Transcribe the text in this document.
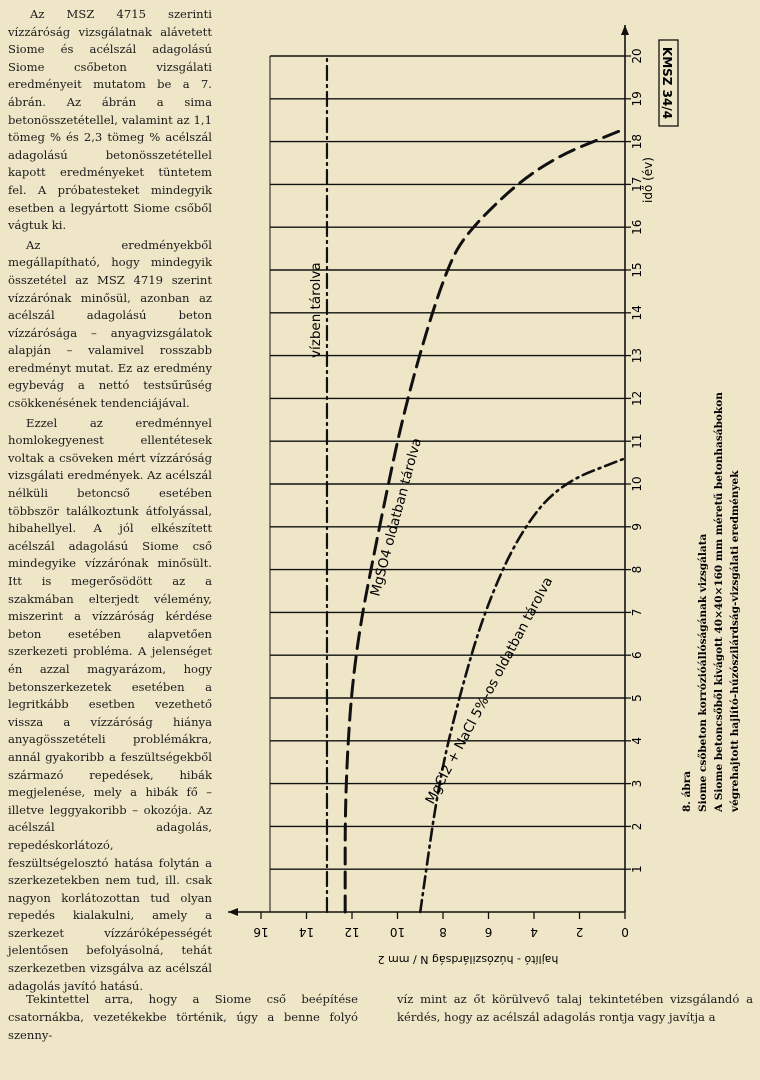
Az MSZ 4715 szerinti vízzáróság vizsgálatnak alávetett Siome és acélszál adagolású Siome csőbeton vizsgálati eredményeit mutatom be a 7. ábrán. Az ábrán a sima betonösszetétellel, valamint az 1,1 tömeg % és 2,3 tömeg % acélszál adagolású betonösszetétellel kapott eredményeket tüntetem fel. A próbatesteket mindegyik esetben a legyártott Siome csőből vágtuk ki.

Az eredményekből megállapítható, hogy mindegyik összetétel az MSZ 4719 szerint vízzárónak minősül, azonban az acélszál adagolású beton vízzárósága – anyagvizsgálatok alapján – valamivel rosszabb eredményt mutat. Ez az eredmény egybevág a nettó testsűrűség csökkenésének tendenciájával.

Ezzel az eredménnyel homlokegyenest ellentétesek voltak a csöveken mért vízzáróság vizsgálati eredmények. Az acélszál nélküli betoncső esetében többször találkoztunk átfolyással, hibahellyel. A jól elkészített acélszál adagolású Siome cső mindegyike vízzárónak minősült. Itt is megerősödött az a szakmában elterjedt vélemény, miszerint a vízzáróság kérdése beton esetében alapvetően szerkezeti probléma. A jelenséget én azzal magyarázom, hogy betonszerkezetek esetében a legritkább esetben vezethető vissza a vízzáróság hiánya anyagösszetételi problémákra, annál gyakoribb a feszültségekből származó repedések, hibák megjelenése, mely a hibák fő – illetve leggyakoribb – okozója. Az acélszál adagolás, repedéskorlátozó, feszültségelosztó hatása folytán a szerkezetekben nem tud, ill. csak nagyon korlátozottan tud olyan repedés kialakulni, amely a szerkezet vízzáróképességét jelentősen befolyásolná, tehát szerkezetben vizsgálva az acélszál adagolás javító hatású.

Tekintettel arra, hogy a Siome cső beépítése csatornákba, vezetékekbe történik, úgy a benne folyó szenny-

víz mint az őt körülvevő talaj tekintetében vizsgálandó a kérdés, hogy az acélszál adagolás rontja vagy javítja a

0
2
4
6
8
10
12
14
16
1
2
3
4
5
6
7
8
9
10
11
12
13
14
15
16
17
18
19
20 KMSZ 34/4
idő (év)
hajlító - húzószilárdság N / mm 2
vízben tárolva
MgSO4 oldatban tárolva
MgCl2 + NaCl 5%-os oldatban tárolva	8. ábra Siome csőbeton korrózióállóságának vizsgálata A Siome betoncsőből kivágott 40×40×160 mm méretű betonhasábokon végrehajtott hajlító-húzószilárdság-vizsgálati eredmények
